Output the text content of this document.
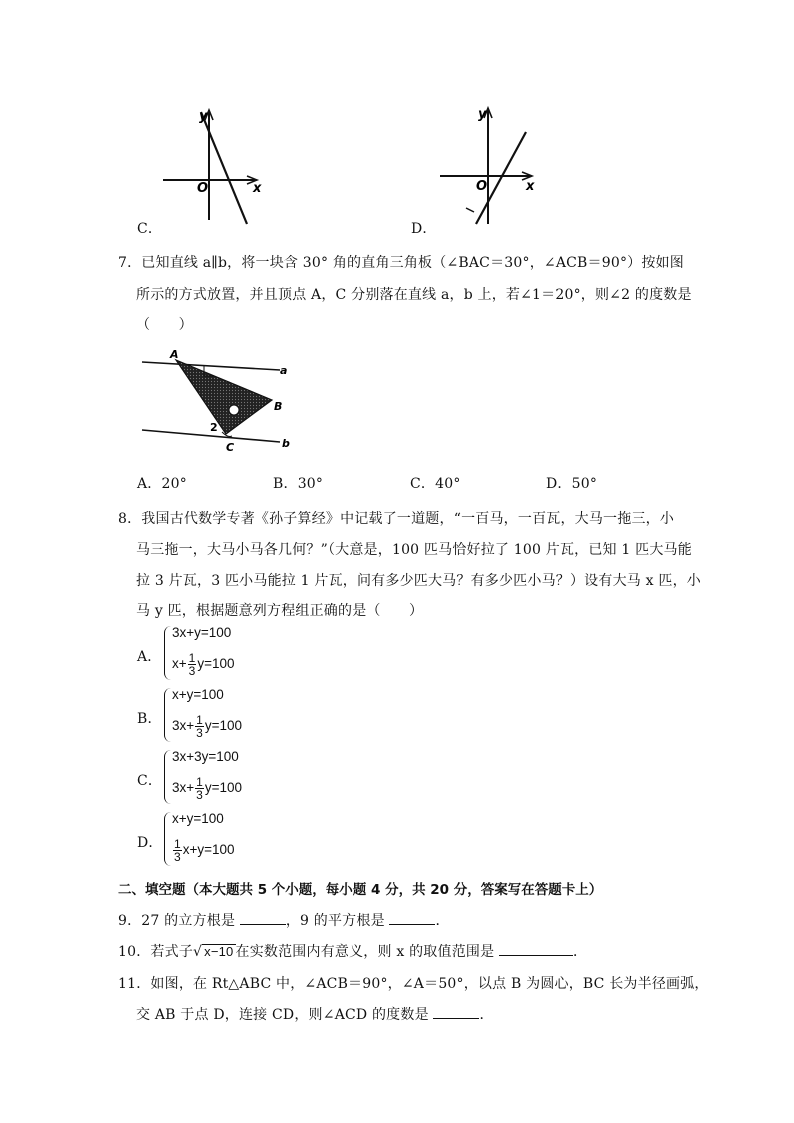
y
x
O
C．
y
x
O
D．
7．已知直线 a∥b，将一块含 30° 角的直角三角板（∠BAC＝30°，∠ACB＝90°）按如图
所示的方式放置，并且顶点 A，C 分别落在直线 a，b 上，若∠1＝20°，则∠2 的度数是
（　　）
A
B
C
a
b
2
A．20°	B．30°	C．40°	D．50°
8．我国古代数学专著《孙子算经》中记载了一道题，“一百马，一百瓦，大马一拖三，小
马三拖一，大马小马各几何？”（大意是，100 匹马恰好拉了 100 片瓦，已知 1 匹大马能
拉 3 片瓦，3 匹小马能拉 1 片瓦，问有多少匹大马？有多少匹小马？）设有大马 x 匹，小
马 y 匹，根据题意列方程组正确的是（　　）
A．
3x+y=100
$x+ \frac{1}{3} y=100$
B．
x+y=100
$3x+ \frac{1}{3} y=100$
C．
3x+3y=100
$3x+ \frac{1}{3} y=100$
D．
x+y=100
$\frac{1}{3} x+y=100$
二、填空题（本大题共 5 个小题，每小题 4 分，共 20 分，答案写在答题卡上）
9．27 的立方根是	，9 的平方根是	．
10．若式子√ x−10 在实数范围内有意义，则 x 的取值范围是	．
11．如图，在 Rt△ABC 中，∠ACB＝90°，∠A＝50°，以点 B 为圆心，BC 长为半径画弧，
交 AB 于点 D，连接 CD，则∠ACD 的度数是	．
